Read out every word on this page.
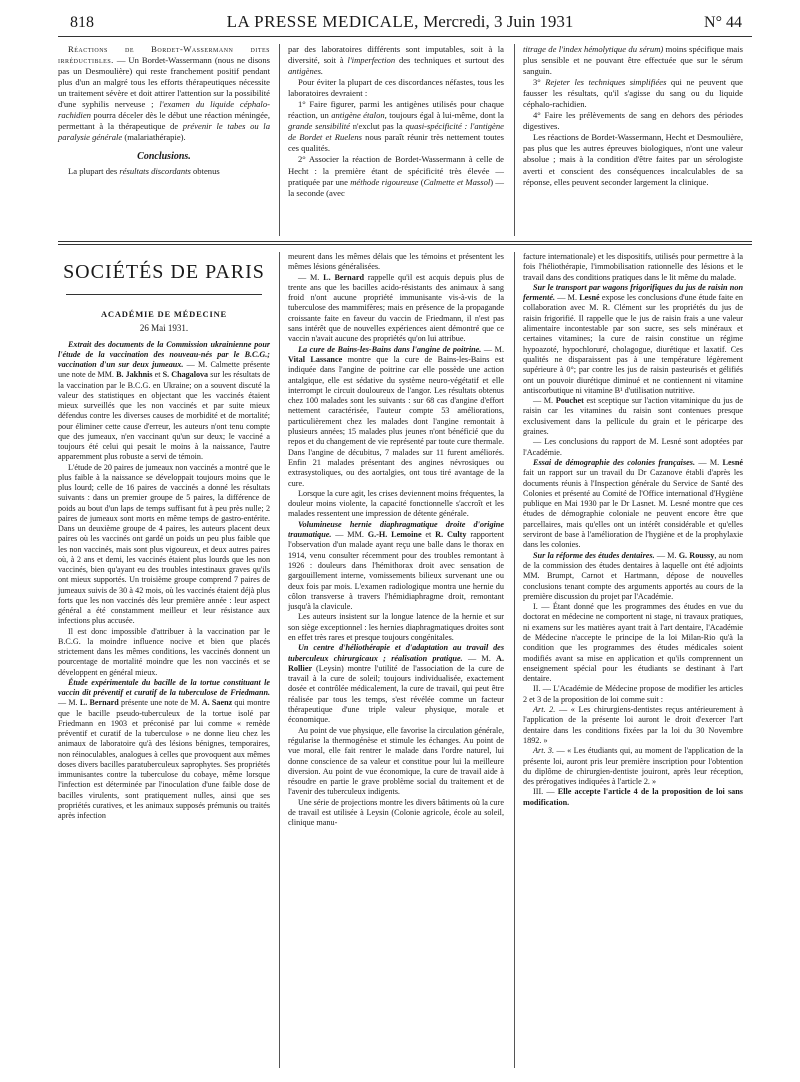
818	LA PRESSE MEDICALE, Mercredi, 3 Juin 1931	N° 44

Réactions de Bordet-Wassermann dites irréductibles. — Un Bordet-Wassermann (nous ne disons pas un Desmoulière) qui reste franchement positif pendant plus d'un an malgré tous les efforts thérapeutiques nécessite un traitement sévère et doit attirer l'attention sur la possibilité d'une syphilis nerveuse ; l'examen du liquide céphalo-rachidien pourra déceler dès le début une réaction méningée, permettant à la thérapeutique de prévenir le tabes ou la paralysie générale (malariathérapie).

Conclusions.

La plupart des résultats discordants obtenus

par des laboratoires différents sont imputables, soit à la diversité, soit à l'imperfection des techniques et surtout des antigènes.

Pour éviter la plupart de ces discordances néfastes, tous les laboratoires devraient :

1° Faire figurer, parmi les antigènes utilisés pour chaque réaction, un antigène étalon, toujours égal à lui-même, dont la grande sensibilité n'exclut pas la quasi-spécificité : l'antigène de Bordet et Ruelens nous paraît réunir très nettement toutes ces qualités.

2° Associer la réaction de Bordet-Wassermann à celle de Hecht : la première étant de spécificité très élevée — pratiquée par une méthode rigoureuse (Calmette et Massol) — la seconde (avec

titrage de l'index hémolytique du sérum) moins spécifique mais plus sensible et ne pouvant être effectuée que sur le sérum sanguin.

3° Rejeter les techniques simplifiées qui ne peuvent que fausser les résultats, qu'il s'agisse du sang ou du liquide céphalo-rachidien.

4° Faire les prélèvements de sang en dehors des périodes digestives.

Les réactions de Bordet-Wassermann, Hecht et Desmoulière, pas plus que les autres épreuves biologiques, n'ont une valeur absolue ; mais à la condition d'être faites par un sérologiste averti et conscient des conséquences incalculables de sa réponse, elles peuvent seconder largement la clinique.

SOCIÉTÉS DE PARIS
ACADÉMIE DE MÉDECINE
26 Mai 1931.

Extrait des documents de la Commission ukrainienne pour l'étude de la vaccination des nouveau-nés par le B.C.G.; vaccination d'un sur deux jumeaux. — M. Calmette présente une note de MM. B. Jakhnis et S. Chagalova sur les résultats de la vaccination par le B.C.G. en Ukraine; on a souvent discuté la valeur des statistiques en objectant que les vaccinés étaient mieux surveillés que les non vaccinés et par suite mieux défendus contre les diverses causes de morbidité et de mortalité; pour éliminer cette cause d'erreur, les auteurs n'ont tenu compte que des jumeaux, n'en vaccinant qu'un sur deux; le vacciné a toujours été celui qui pesait le moins à la naissance, l'autre apparemment plus robuste a servi de témoin.

L'étude de 20 paires de jumeaux non vaccinés a montré que le plus faible à la naissance se développait toujours moins que le plus lourd; celle de 16 paires de vaccinés a donné les résultats suivants : dans un premier groupe de 5 paires, la différence de poids au bout d'un laps de temps suffisant fut à peu près nulle; 2 paires de jumeaux sont morts en même temps de gastro-entérite. Dans un deuxième groupe de 4 paires, les auteurs placent deux paires où les vaccinés ont gardé un poids un peu plus faible que les non vaccinés, mais sont plus vigoureux, et deux autres paires où, à 2 ans et demi, les vaccinés étaient plus lourds que les non vaccinés, bien qu'ayant eu des troubles intestinaux graves qu'ils ont mieux supportés. Un troisième groupe comprend 7 paires de jumeaux suivis de 30 à 42 mois, où les vaccinés étaient déjà plus forts que les non vaccinés dès leur première année : leur aspect général a été constamment meilleur et leur résistance aux infections plus accusée.

Il est donc impossible d'attribuer à la vaccination par le B.C.G. la moindre influence nocive et bien que placés strictement dans les mêmes conditions, les vaccinés donnent un pourcentage de mortalité moindre que les non vaccinés et se développent en général mieux.

Étude expérimentale du bacille de la tortue constituant le vaccin dit préventif et curatif de la tuberculose de Friedmann. — M. L. Bernard présente une note de M. A. Saenz qui montre que le bacille pseudo-tuberculeux de la tortue isolé par Friedmann en 1903 et préconisé par lui comme « remède préventif et curatif de la tuberculose » ne donne lieu chez les animaux de laboratoire qu'à des lésions bénignes, temporaires, non réinoculables, analogues à celles que provoquent aux mêmes doses divers bacilles paratuberculeux saprophytes. Ses propriétés immunisantes contre la tuberculose du cobaye, même lorsque l'infection est déterminée par l'inoculation d'une faible dose de bacilles virulents, sont pratiquement nulles, ainsi que ses propriétés curatives, et les animaux supposés prémunis ou traités après infection

meurent dans les mêmes délais que les témoins et présentent les mêmes lésions généralisées.

— M. L. Bernard rappelle qu'il est acquis depuis plus de trente ans que les bacilles acido-résistants des animaux à sang froid n'ont aucune propriété immunisante vis-à-vis de la tuberculose des mammifères; mais en présence de la propagande croissante faite en faveur du vaccin de Friedmann, il n'est pas sans intérêt que de nouvelles expériences aient démontré que ce vaccin n'avait aucune des propriétés qu'on lui attribue.

La cure de Bains-les-Bains dans l'angine de poitrine. — M. Vital Lassance montre que la cure de Bains-les-Bains est indiquée dans l'angine de poitrine car elle possède une action antalgique, elle est sédative du système neuro-végétatif et elle interrompt le circuit douloureux de l'angor. Les résultats obtenus chez 100 malades sont les suivants : sur 68 cas d'angine d'effort nettement caractérisée, l'auteur compte 53 améliorations, particulièrement chez les malades dont l'angine remontait à plusieurs années; 15 malades plus jeunes n'ont bénéficié que du repos et du changement de vie représenté par toute cure thermale. Dans l'angine de décubitus, 7 malades sur 11 furent améliorés. Enfin 21 malades présentant des angines névrosiques ou extrasystoliques, ou des aortalgies, ont tous tiré avantage de la cure.

Lorsque la cure agit, les crises deviennent moins fréquentes, la douleur moins violente, la capacité fonctionnelle s'accroît et les malades ressentent une impression de détente générale.

Volumineuse hernie diaphragmatique droite d'origine traumatique. — MM. G.-H. Lemoine et R. Culty rapportent l'observation d'un malade ayant reçu une balle dans le thorax en 1914, venu consulter récemment pour des troubles remontant à 1926 : douleurs dans l'hémithorax droit avec sensation de gargouillement interne, vomissements bilieux survenant une ou deux fois par mois. L'examen radiologique montra une hernie du côlon transverse à travers l'hémidiaphragme droit, remontant jusqu'à la clavicule.

Les auteurs insistent sur la longue latence de la hernie et sur son siège exceptionnel : les hernies diaphragmatiques droites sont en effet très rares et presque toujours congénitales.

Un centre d'héliothérapie et d'adaptation au travail des tuberculeux chirurgicaux ; réalisation pratique. — M. A. Rollier (Leysin) montre l'utilité de l'association de la cure de travail à la cure de soleil; toujours individualisée, exactement dosée et contrôlée médicalement, la cure de travail, qui peut être réalisée par tous les temps, s'est révélée comme un facteur thérapeutique d'une triple valeur physique, morale et économique.

Au point de vue physique, elle favorise la circulation générale, régularise la thermogénèse et stimule les échanges. Au point de vue moral, elle fait rentrer le malade dans l'ordre naturel, lui donne conscience de sa valeur et constitue pour lui la meilleure diversion. Au point de vue économique, la cure de travail aide à résoudre en partie le grave problème social du traitement et de l'avenir des tuberculeux indigents.

Une série de projections montre les divers bâtiments où la cure de travail est utilisée à Leysin (Colonie agricole, école au soleil, clinique manu-

facture internationale) et les dispositifs, utilisés pour permettre à la fois l'héliothérapie, l'immobilisation rationnelle des lésions et le travail dans des conditions pratiques dans le lit même du malade.

Sur le transport par wagons frigorifiques du jus de raisin non fermenté. — M. Lesné expose les conclusions d'une étude faite en collaboration avec M. R. Clément sur les propriétés du jus de raisin frigorifié. Il rappelle que le jus de raisin frais a une valeur alimentaire incontestable par son sucre, ses sels minéraux et certaines vitamines; la cure de raisin constitue un régime hypoazoté, hypochloruré, cholagogue, diurétique et laxatif. Ces qualités ne disparaissent pas à une température légèrement supérieure à 0°; par contre les jus de raisin pasteurisés et gélifiés ont un pouvoir diurétique diminué et ne contiennent ni vitamine antiscorbutique ni vitamine B¹ d'utilisation nutritive.

— M. Pouchet est sceptique sur l'action vitaminique du jus de raisin car les vitamines du raisin sont contenues presque exclusivement dans la pellicule du grain et le péricarpe des graines.

— Les conclusions du rapport de M. Lesné sont adoptées par l'Académie.

Essai de démographie des colonies françaises. — M. Lesné fait un rapport sur un travail du Dr Cazanove établi d'après les documents réunis à l'Inspection générale du Service de Santé des Colonies et présenté au Comité de l'Office international d'Hygiène publique en Mai 1930 par le Dr Lasnet. M. Lesné montre que ces études de démographie coloniale ne peuvent encore être que parcellaires, mais qu'elles ont un intérêt considérable et qu'elles serviront de base à l'amélioration de l'hygiène et de la prophylaxie dans les colonies.

Sur la réforme des études dentaires. — M. G. Roussy, au nom de la commission des études dentaires à laquelle ont été adjoints MM. Brumpt, Carnot et Hartmann, dépose de nouvelles conclusions tenant compte des arguments apportés au cours de la première discussion du projet par l'Académie.

I. — Étant donné que les programmes des études en vue du doctorat en médecine ne comportent ni stage, ni travaux pratiques, ni examens sur les matières ayant trait à l'art dentaire, l'Académie de Médecine n'accepte le principe de la loi Milan-Rio qu'à la condition que les programmes des études médicales soient modifiés avant sa mise en application et qu'ils comprennent un enseignement spécial pour les étudiants se destinant à l'art dentaire.

II. — L'Académie de Médecine propose de modifier les articles 2 et 3 de la proposition de loi comme suit :

Art. 2. — « Les chirurgiens-dentistes reçus antérieurement à l'application de la présente loi auront le droit d'exercer l'art dentaire dans les conditions fixées par la loi du 30 Novembre 1892. »

Art. 3. — « Les étudiants qui, au moment de l'application de la présente loi, auront pris leur première inscription pour l'obtention du diplôme de chirurgien-dentiste jouiront, après leur réception, des prérogatives indiquées à l'article 2. »

III. — Elle accepte l'article 4 de la proposition de loi sans modification.
